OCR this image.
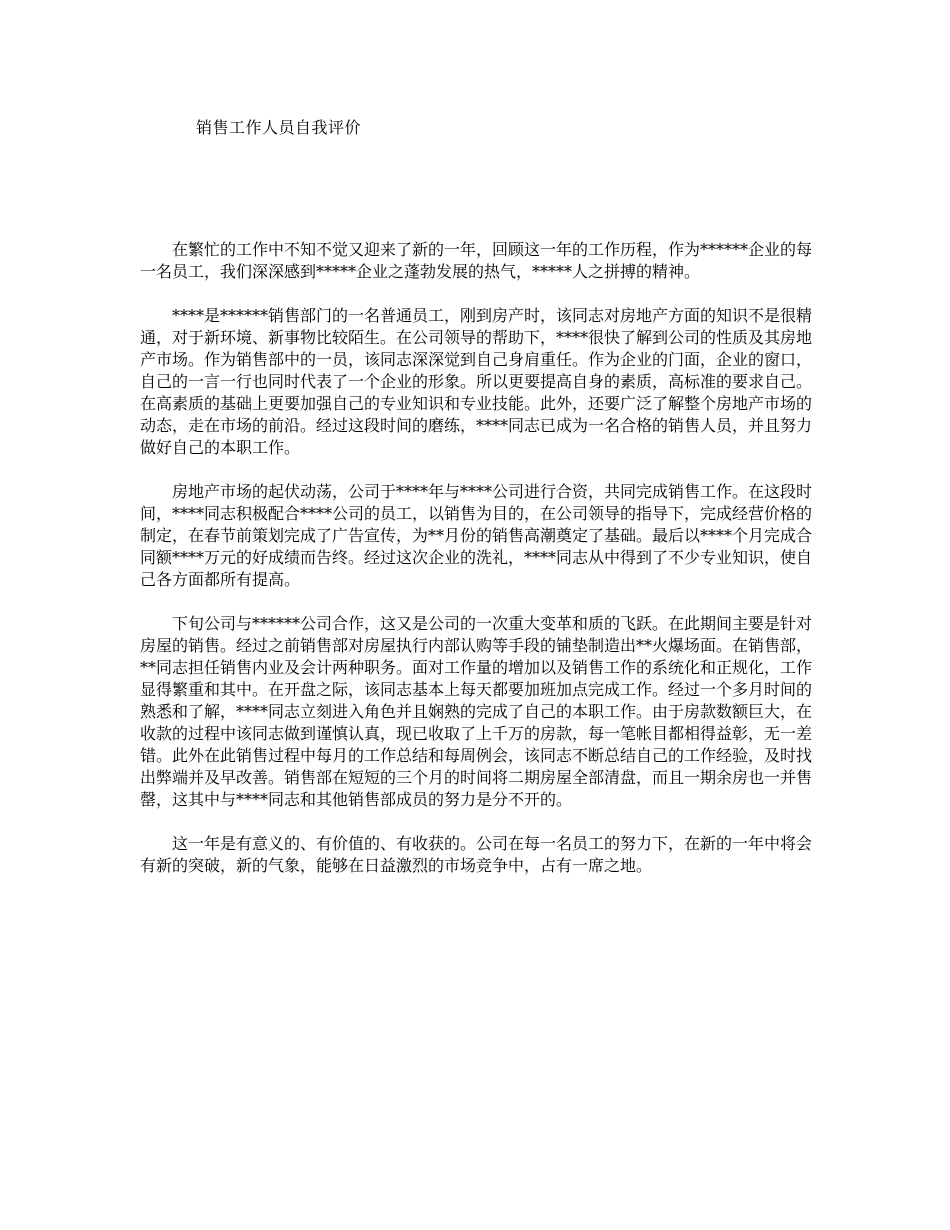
销售工作人员自我评价

在繁忙的工作中不知不觉又迎来了新的一年，回顾这一年的工作历程，作为******企业的每一名员工，我们深深感到*****企业之蓬勃发展的热气，*****人之拼搏的精神。

****是******销售部门的一名普通员工，刚到房产时，该同志对房地产方面的知识不是很精通，对于新环境、新事物比较陌生。在公司领导的帮助下，****很快了解到公司的性质及其房地产市场。作为销售部中的一员，该同志深深觉到自己身肩重任。作为企业的门面，企业的窗口，自己的一言一行也同时代表了一个企业的形象。所以更要提高自身的素质，高标准的要求自己。在高素质的基础上更要加强自己的专业知识和专业技能。此外，还要广泛了解整个房地产市场的动态，走在市场的前沿。经过这段时间的磨练，****同志已成为一名合格的销售人员，并且努力做好自己的本职工作。

房地产市场的起伏动荡，公司于****年与****公司进行合资，共同完成销售工作。在这段时间，****同志积极配合****公司的员工，以销售为目的，在公司领导的指导下，完成经营价格的制定，在春节前策划完成了广告宣传，为**月份的销售高潮奠定了基础。最后以****个月完成合同额****万元的好成绩而告终。经过这次企业的洗礼，****同志从中得到了不少专业知识，使自己各方面都所有提高。

下旬公司与******公司合作，这又是公司的一次重大变革和质的飞跃。在此期间主要是针对房屋的销售。经过之前销售部对房屋执行内部认购等手段的铺垫制造出**火爆场面。在销售部，**同志担任销售内业及会计两种职务。面对工作量的增加以及销售工作的系统化和正规化，工作显得繁重和其中。在开盘之际，该同志基本上每天都要加班加点完成工作。经过一个多月时间的熟悉和了解，****同志立刻进入角色并且娴熟的完成了自己的本职工作。由于房款数额巨大，在收款的过程中该同志做到谨慎认真，现已收取了上千万的房款，每一笔帐目都相得益彰，无一差错。此外在此销售过程中每月的工作总结和每周例会，该同志不断总结自己的工作经验，及时找出弊端并及早改善。销售部在短短的三个月的时间将二期房屋全部清盘，而且一期余房也一并售罄，这其中与****同志和其他销售部成员的努力是分不开的。

这一年是有意义的、有价值的、有收获的。公司在每一名员工的努力下，在新的一年中将会有新的突破，新的气象，能够在日益激烈的市场竞争中，占有一席之地。
